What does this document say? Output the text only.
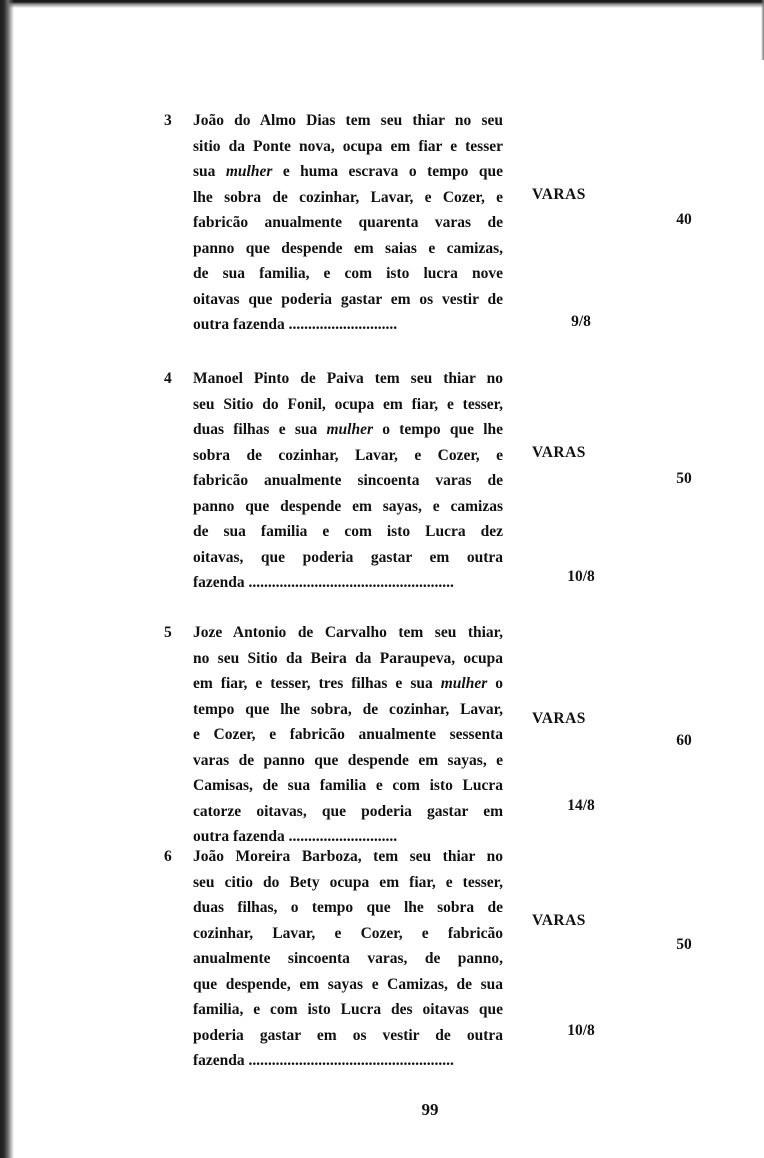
3	João do Almo Dias tem seu thiar no seu
sitio da Ponte nova, ocupa em fiar e tesser
sua mulher e huma escrava o tempo que
lhe sobra de cozinhar, Lavar, e Cozer, e
fabricão anualmente quarenta varas de
panno que despende em saias e camizas,
de sua familia, e com isto lucra nove
oitavas que poderia gastar em os vestir de
outra fazenda ............................
VARAS
40
9/8
4	Manoel Pinto de Paiva tem seu thiar no
seu Sitio do Fonil, ocupa em fiar, e tesser,
duas filhas e sua mulher o tempo que lhe
sobra de cozinhar, Lavar, e Cozer, e
fabricão anualmente sincoenta varas de
panno que despende em sayas, e camizas
de sua familia e com isto Lucra dez
oitavas, que poderia gastar em outra
fazenda .....................................................
VARAS
50
10/8
5	Joze Antonio de Carvalho tem seu thiar,
no seu Sitio da Beira da Paraupeva, ocupa
em fiar, e tesser, tres filhas e sua mulher o
tempo que lhe sobra, de cozinhar, Lavar,
e Cozer, e fabricão anualmente sessenta
varas de panno que despende em sayas, e
Camisas, de sua familia e com isto Lucra
catorze oitavas, que poderia gastar em
outra fazenda ............................
VARAS
60
14/8
6	João Moreira Barboza, tem seu thiar no
seu citio do Bety ocupa em fiar, e tesser,
duas filhas, o tempo que lhe sobra de
cozinhar, Lavar, e Cozer, e fabricão
anualmente sincoenta varas, de panno,
que despende, em sayas e Camizas, de sua
familia, e com isto Lucra des oitavas que
poderia gastar em os vestir de outra
fazenda .....................................................
VARAS
50
10/8
99
